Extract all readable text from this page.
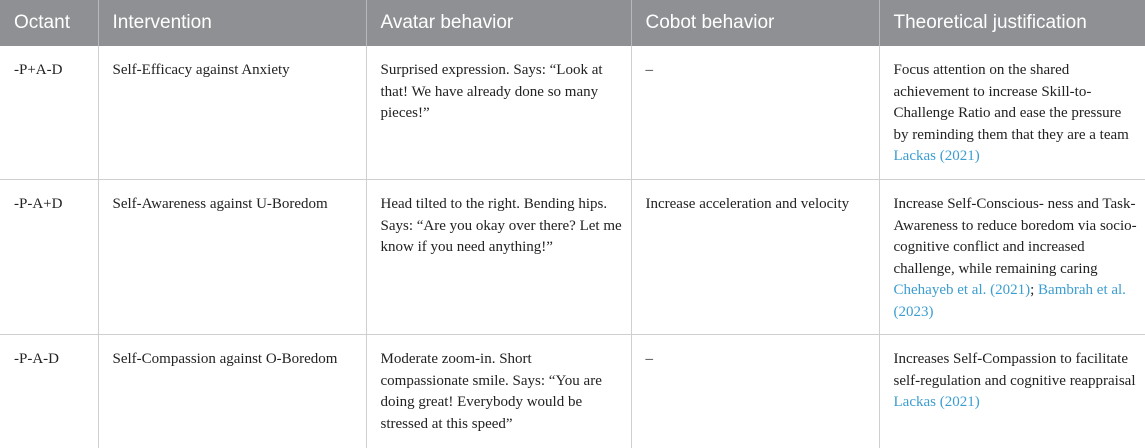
Octant	Intervention	Avatar behavior	Cobot behavior	Theoretical justification
-P+A-D	Self-Efficacy against Anxiety	Surprised expression. Says: “Look at that! We have already done so many pieces!”	–	Focus attention on the shared achievement to increase Skill-to-Challenge Ratio and ease the pressure by reminding them that they are a team Lackas (2021)
-P-A+D	Self-Awareness against U-Boredom	Head tilted to the right. Bending hips. Says: “Are you okay over there? Let me know if you need anything!”	Increase acceleration and velocity	Increase Self-Conscious- ness and Task-Awareness to reduce boredom via socio-cognitive conflict and increased challenge, while remaining caring Chehayeb et al. (2021); Bambrah et al. (2023)
-P-A-D	Self-Compassion against O-Boredom	Moderate zoom-in. Short compassionate smile. Says: “You are doing great! Everybody would be stressed at this speed”	–	Increases Self-Compassion to facilitate self-regulation and cognitive reappraisal Lackas (2021)
